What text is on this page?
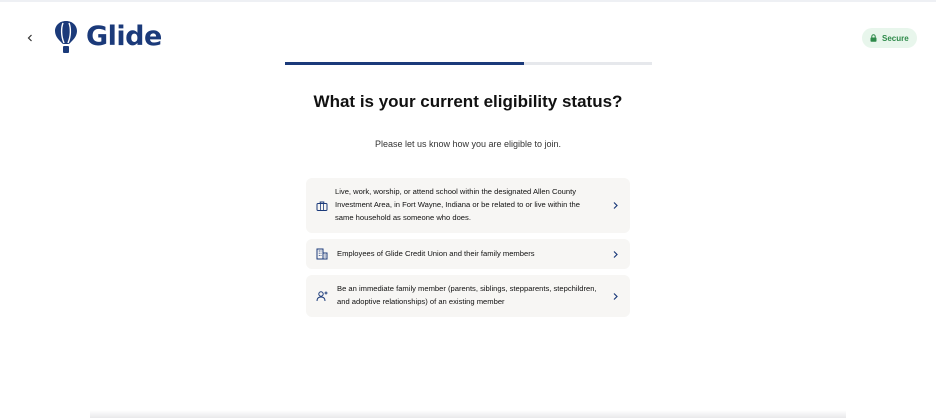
Glide	Secure
What is your current eligibility status?
Please let us know how you are eligible to join.
Live, work, worship, or attend school within the designated Allen County Investment Area, in Fort Wayne, Indiana or be related to or live within the same household as someone who does.
Employees of Glide Credit Union and their family members
Be an immediate family member (parents, siblings, stepparents, stepchildren, and adoptive relationships) of an existing member
